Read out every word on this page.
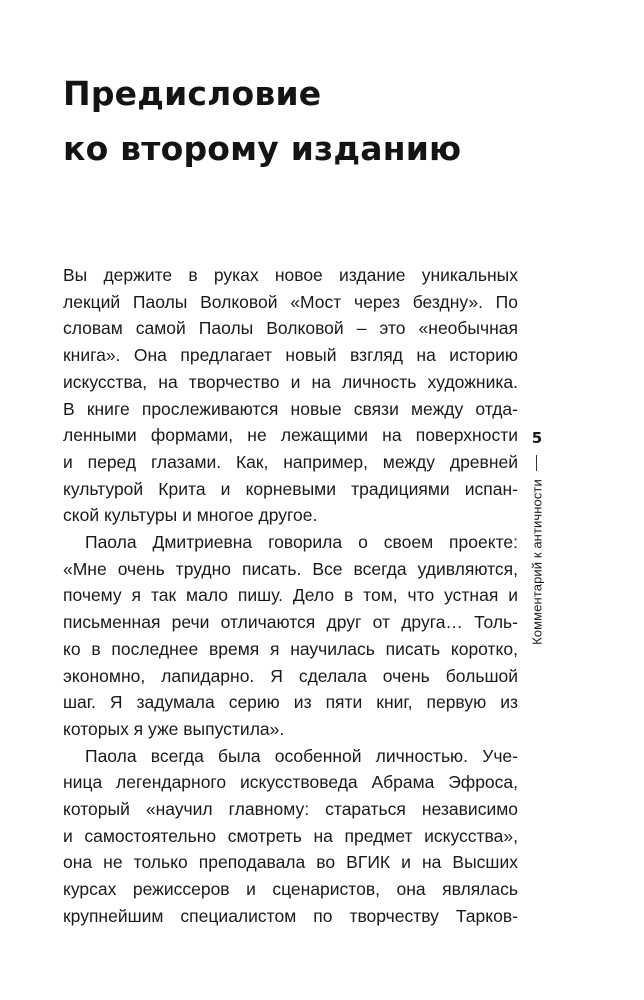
Предисловие
ко второму изданию

Вы держите в руках новое издание уникальных
лекций Паолы Волковой «Мост через бездну». По
словам самой Паолы Волковой – это «необычная
книга». Она предлагает новый взгляд на историю
искусства, на творчество и на личность художника.
В книге прослеживаются новые связи между отда-
ленными формами, не лежащими на поверхности
и перед глазами. Как, например, между древней
культурой Крита и корневыми традициями испан-
ской культуры и многое другое.

Паола Дмитриевна говорила о своем проекте:
«Мне очень трудно писать. Все всегда удивляются,
почему я так мало пишу. Дело в том, что устная и
письменная речи отличаются друг от друга… Толь-
ко в последнее время я научилась писать коротко,
экономно, лапидарно. Я сделала очень большой
шаг. Я задумала серию из пяти книг, первую из
которых я уже выпустила».

Паола всегда была особенной личностью. Уче-
ница легендарного искусствоведа Абрама Эфроса,
который «научил главному: стараться независимо
и самостоятельно смотреть на предмет искусства»,
она не только преподавала во ВГИК и на Высших
курсах режиссеров и сценаристов, она являлась
крупнейшим специалистом по творчеству Тарков-

5
Комментарий к античности
